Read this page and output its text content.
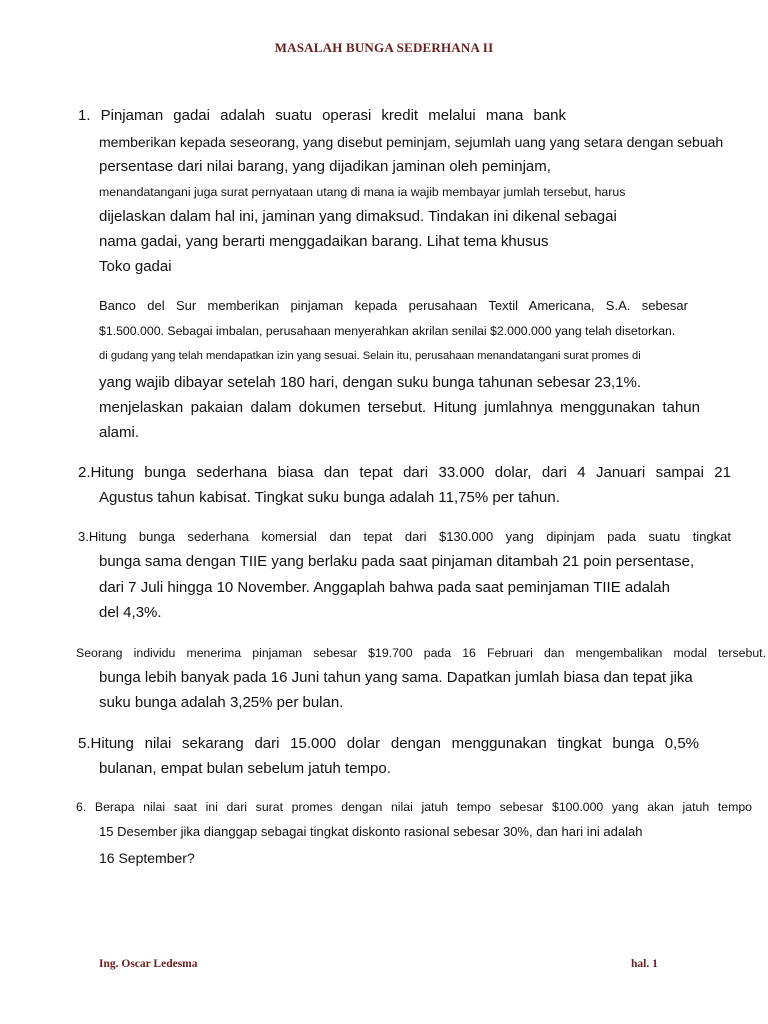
MASALAH BUNGA SEDERHANA II
1. Pinjaman gadai adalah suatu operasi kredit melalui mana bank
memberikan kepada seseorang, yang disebut peminjam, sejumlah uang yang setara dengan sebuah
persentase dari nilai barang, yang dijadikan jaminan oleh peminjam,
menandatangani juga surat pernyataan utang di mana ia wajib membayar jumlah tersebut, harus
dijelaskan dalam hal ini, jaminan yang dimaksud. Tindakan ini dikenal sebagai
nama gadai, yang berarti menggadaikan barang. Lihat tema khusus
Toko gadai
Banco del Sur memberikan pinjaman kepada perusahaan Textil Americana, S.A. sebesar
$1.500.000. Sebagai imbalan, perusahaan menyerahkan akrilan senilai $2.000.000 yang telah disetorkan.
di gudang yang telah mendapatkan izin yang sesuai. Selain itu, perusahaan menandatangani surat promes di
yang wajib dibayar setelah 180 hari, dengan suku bunga tahunan sebesar 23,1%.
menjelaskan pakaian dalam dokumen tersebut. Hitung jumlahnya menggunakan tahun
alami.
2.Hitung bunga sederhana biasa dan tepat dari 33.000 dolar, dari 4 Januari sampai 21
Agustus tahun kabisat. Tingkat suku bunga adalah 11,75% per tahun.
3.Hitung bunga sederhana komersial dan tepat dari $130.000 yang dipinjam pada suatu tingkat
bunga sama dengan TIIE yang berlaku pada saat pinjaman ditambah 21 poin persentase,
dari 7 Juli hingga 10 November. Anggaplah bahwa pada saat peminjaman TIIE adalah
del 4,3%.
Seorang individu menerima pinjaman sebesar $19.700 pada 16 Februari dan mengembalikan modal tersebut.
bunga lebih banyak pada 16 Juni tahun yang sama. Dapatkan jumlah biasa dan tepat jika
suku bunga adalah 3,25% per bulan.
5.Hitung nilai sekarang dari 15.000 dolar dengan menggunakan tingkat bunga 0,5%
bulanan, empat bulan sebelum jatuh tempo.
6. Berapa nilai saat ini dari surat promes dengan nilai jatuh tempo sebesar $100.000 yang akan jatuh tempo
15 Desember jika dianggap sebagai tingkat diskonto rasional sebesar 30%, dan hari ini adalah
16 September?
Ing. Oscar Ledesma	hal. 1
